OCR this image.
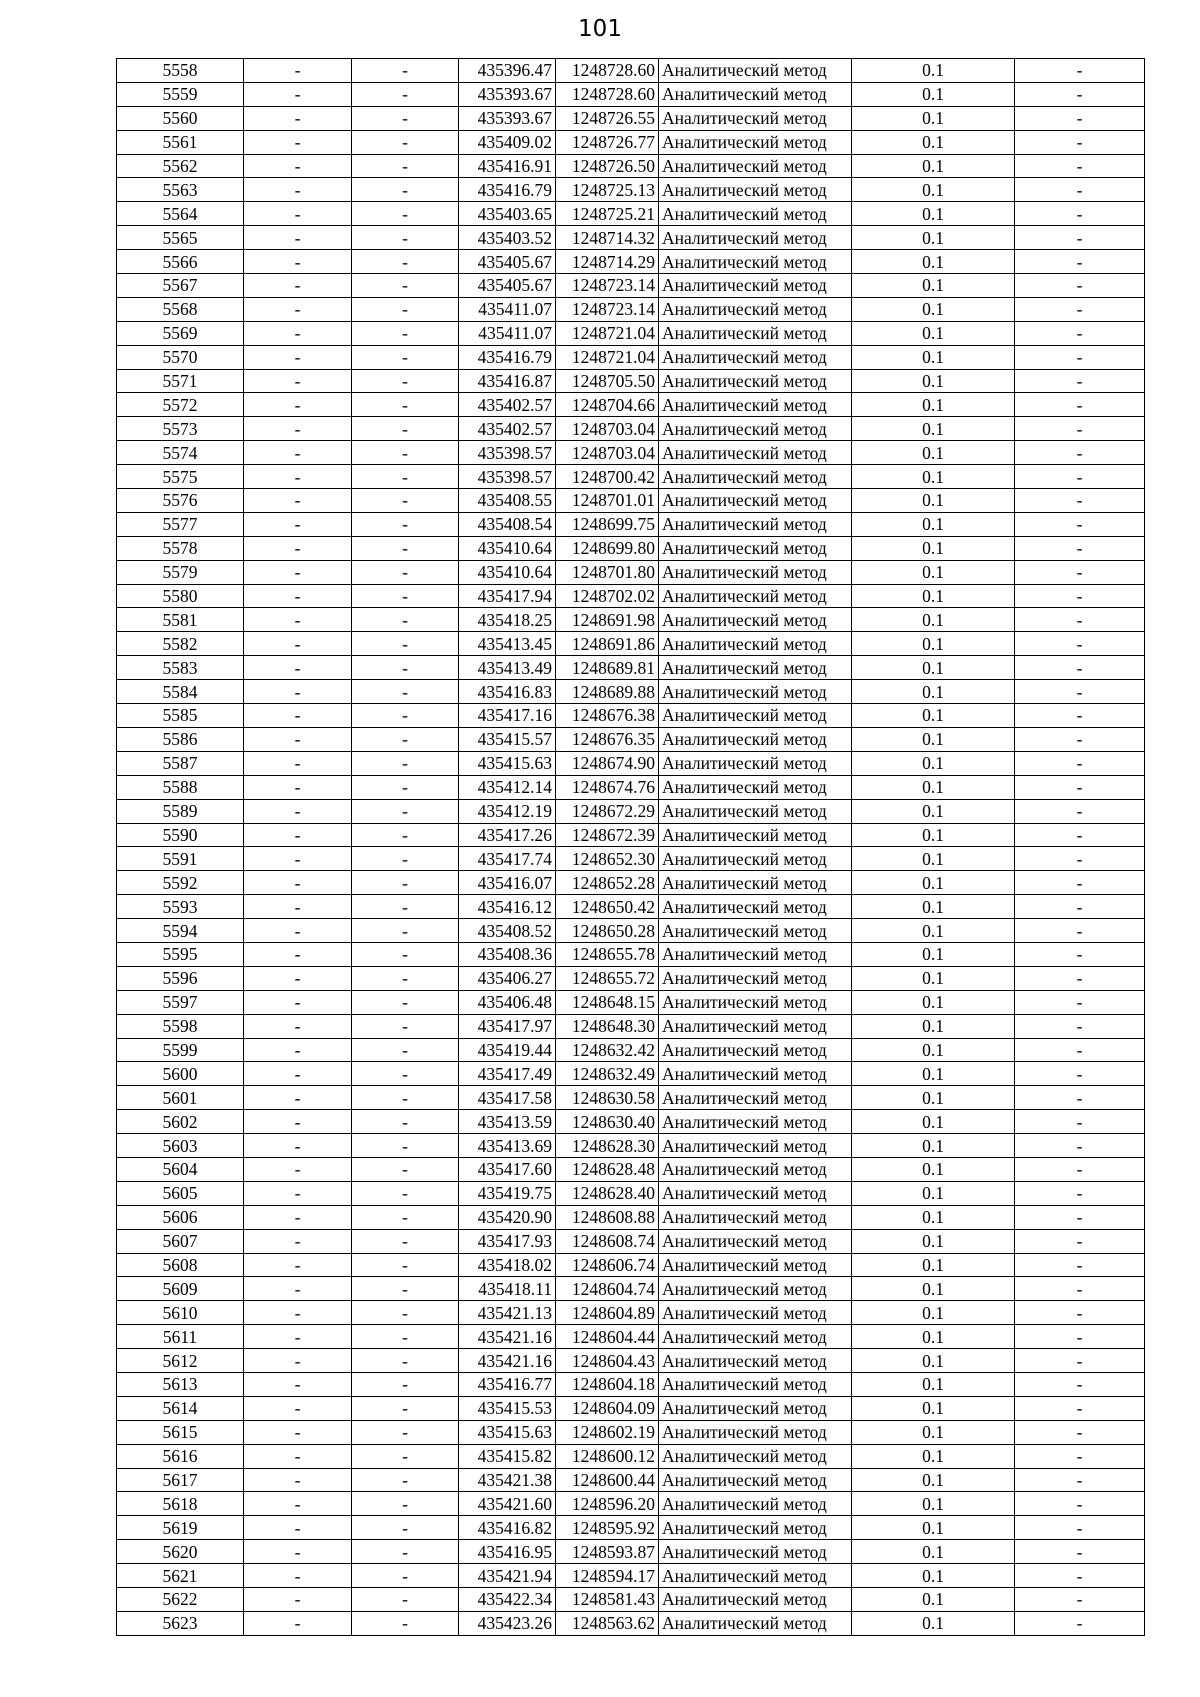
101
5558	-	-	435396.47	1248728.60	Аналитический метод	0.1	-
5559	-	-	435393.67	1248728.60	Аналитический метод	0.1	-
5560	-	-	435393.67	1248726.55	Аналитический метод	0.1	-
5561	-	-	435409.02	1248726.77	Аналитический метод	0.1	-
5562	-	-	435416.91	1248726.50	Аналитический метод	0.1	-
5563	-	-	435416.79	1248725.13	Аналитический метод	0.1	-
5564	-	-	435403.65	1248725.21	Аналитический метод	0.1	-
5565	-	-	435403.52	1248714.32	Аналитический метод	0.1	-
5566	-	-	435405.67	1248714.29	Аналитический метод	0.1	-
5567	-	-	435405.67	1248723.14	Аналитический метод	0.1	-
5568	-	-	435411.07	1248723.14	Аналитический метод	0.1	-
5569	-	-	435411.07	1248721.04	Аналитический метод	0.1	-
5570	-	-	435416.79	1248721.04	Аналитический метод	0.1	-
5571	-	-	435416.87	1248705.50	Аналитический метод	0.1	-
5572	-	-	435402.57	1248704.66	Аналитический метод	0.1	-
5573	-	-	435402.57	1248703.04	Аналитический метод	0.1	-
5574	-	-	435398.57	1248703.04	Аналитический метод	0.1	-
5575	-	-	435398.57	1248700.42	Аналитический метод	0.1	-
5576	-	-	435408.55	1248701.01	Аналитический метод	0.1	-
5577	-	-	435408.54	1248699.75	Аналитический метод	0.1	-
5578	-	-	435410.64	1248699.80	Аналитический метод	0.1	-
5579	-	-	435410.64	1248701.80	Аналитический метод	0.1	-
5580	-	-	435417.94	1248702.02	Аналитический метод	0.1	-
5581	-	-	435418.25	1248691.98	Аналитический метод	0.1	-
5582	-	-	435413.45	1248691.86	Аналитический метод	0.1	-
5583	-	-	435413.49	1248689.81	Аналитический метод	0.1	-
5584	-	-	435416.83	1248689.88	Аналитический метод	0.1	-
5585	-	-	435417.16	1248676.38	Аналитический метод	0.1	-
5586	-	-	435415.57	1248676.35	Аналитический метод	0.1	-
5587	-	-	435415.63	1248674.90	Аналитический метод	0.1	-
5588	-	-	435412.14	1248674.76	Аналитический метод	0.1	-
5589	-	-	435412.19	1248672.29	Аналитический метод	0.1	-
5590	-	-	435417.26	1248672.39	Аналитический метод	0.1	-
5591	-	-	435417.74	1248652.30	Аналитический метод	0.1	-
5592	-	-	435416.07	1248652.28	Аналитический метод	0.1	-
5593	-	-	435416.12	1248650.42	Аналитический метод	0.1	-
5594	-	-	435408.52	1248650.28	Аналитический метод	0.1	-
5595	-	-	435408.36	1248655.78	Аналитический метод	0.1	-
5596	-	-	435406.27	1248655.72	Аналитический метод	0.1	-
5597	-	-	435406.48	1248648.15	Аналитический метод	0.1	-
5598	-	-	435417.97	1248648.30	Аналитический метод	0.1	-
5599	-	-	435419.44	1248632.42	Аналитический метод	0.1	-
5600	-	-	435417.49	1248632.49	Аналитический метод	0.1	-
5601	-	-	435417.58	1248630.58	Аналитический метод	0.1	-
5602	-	-	435413.59	1248630.40	Аналитический метод	0.1	-
5603	-	-	435413.69	1248628.30	Аналитический метод	0.1	-
5604	-	-	435417.60	1248628.48	Аналитический метод	0.1	-
5605	-	-	435419.75	1248628.40	Аналитический метод	0.1	-
5606	-	-	435420.90	1248608.88	Аналитический метод	0.1	-
5607	-	-	435417.93	1248608.74	Аналитический метод	0.1	-
5608	-	-	435418.02	1248606.74	Аналитический метод	0.1	-
5609	-	-	435418.11	1248604.74	Аналитический метод	0.1	-
5610	-	-	435421.13	1248604.89	Аналитический метод	0.1	-
5611	-	-	435421.16	1248604.44	Аналитический метод	0.1	-
5612	-	-	435421.16	1248604.43	Аналитический метод	0.1	-
5613	-	-	435416.77	1248604.18	Аналитический метод	0.1	-
5614	-	-	435415.53	1248604.09	Аналитический метод	0.1	-
5615	-	-	435415.63	1248602.19	Аналитический метод	0.1	-
5616	-	-	435415.82	1248600.12	Аналитический метод	0.1	-
5617	-	-	435421.38	1248600.44	Аналитический метод	0.1	-
5618	-	-	435421.60	1248596.20	Аналитический метод	0.1	-
5619	-	-	435416.82	1248595.92	Аналитический метод	0.1	-
5620	-	-	435416.95	1248593.87	Аналитический метод	0.1	-
5621	-	-	435421.94	1248594.17	Аналитический метод	0.1	-
5622	-	-	435422.34	1248581.43	Аналитический метод	0.1	-
5623	-	-	435423.26	1248563.62	Аналитический метод	0.1	-
